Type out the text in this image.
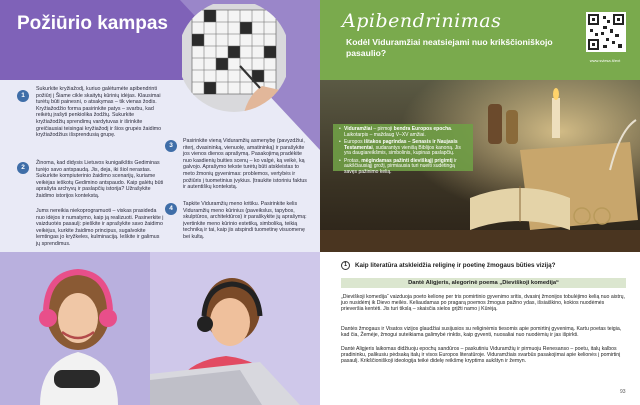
Požiūrio kampas
1
Sukurkite kryžiažodį, kuriuo galėtumėte apibendrinti požiūrį į Šiame cikle skaitytų kūrinių idėjas. Klausimai turėtų būti painesni, o atsakymas – tik vienas žodis. Kryžiažodžio forma pasirinkite patys – svarbu, kad reikėtų įrašyti penkiolika žodžių. Sukurkite kryžiažodžių sprendimų vardytuvas ir išrinkite greičiausiai teisingai kryžiažodį ir šios grupės žaidimo kryžiažodžius išsprendusią grupę.
2
Žinoma, kad didysis Lietuvos kunigaikštis Gediminas turėjo savo antspaudą. Jis, deja, iki šiol nerastas. Sukurkite kompiuterinio žaidimo scenarijų, kuriame veikėjas ieškotų Gedimino antspaudo. Kaip galėtų būti aprašyta archyvų ir paslapčių istorija? Užrašykite žaidimo istorijos kontekstą.
Jums nereikia niekoprogramuoti – viskas prasideda nuo idėjos ir numatymo, kaip ją realizuoti. Pasinerkite į vaizduotės pasaulį: pieškite ir aprašykite savo žaidimo veikėjus, kurkite žaidimo principus, sugalvokite lemtingas jo kryžkeles, kulminaciją. Ieškite ir galimus jų sprendimus.
3
Pasirinkite vieną Viduramžių asmenybę (pavyzdžiui, riterį, dvasininką, vienuolę, amatininką) ir parašykite jos vienos dienos aprašymą. Pasakojimą pradėkite nuo kasdienių buities scenų – ko valgė, ką veikė, ką galvojo. Aprašymo tekste turėtų būti atskleistas to meto žmonių gyvenimas: problemos, vertybės ir požiūris į tuometinius įvykius. Įtraukite istoriniu faktus ir autentiškų kontekstą.
4
Tapkite Viduramžių meno kritiku. Pasirinkite kelis Viduramžių meno kūrinius (paveikslus, tapybos, skulptūros, architektūros) ir paraškykite jų aprašymą: įvertinkite meno kūrinio estetiką, simboliką, teikią techniką ir tai, kaip jis atspindi tuometinę visuomenę bei kultą.
Apibendrinimas
Kodėl Viduramžiai neatsiejami nuo krikščioniškojo pasaulio?
www.sviesa.lt/ext
• Viduramžiai – pirmoji bendra Europos epocha. Laikotarpis – maždaug V–XV amžiai.
• Europos ištakos pagrindas – Senasis ir Naujasis Testamentai, sudarantys vienišą Biblijos kanoną. Jis yra daugiareikšmis, simbolinis, kupinas paslapčių.
• Protas, mėgindamas pažinti dieviškąjį prigimtį ir aukščiausiąjį grožį, pirmiausia turi nueiti sudėtingą savęs pažinimo kelią.
1	Kaip literatūra atskleidžia religinę ir poetinę žmogaus būties viziją?
Dantė Aligjeris, alegorinė poema „Dieviškoji komedija“
„Dieviškoji komedija“ vaizduoja poeto kelionę per tris pomirtinio gyvenimo sritis, dvasinį žmonijos tobulėjimo kelią nuo aistrų, juo nusidėmį ik Dievo meilės. Keliaudamas po pragarą poemos žmogus pažino ydas, išsiaiškino, kokios nuodėmės prieveršia kentėti. Jis turi tikslą – skaisčia sielos grįžti namo į Kūrėją.
Dantės žmogaus ir Visatos vizijos glaudžiai susijusios su religinėmis tiesomis apie pomirtinį gyvenimą. Kartu poetas teigia, kad čia, Žemėje, žmogui suteikiama galimybė rinktis, kaip gyventi, nuosaliai nuo nuodėmių ir jas išpirkti.
Dantė Aligjeris laikomas didžiuoju epochų sandūros – paskutiniu Viduramžių ir pirmuoju Renesanso – poetu, italų kalbos pradininku, palikusiu pėdsaką italų ir visos Europos literatūroje. Viduramžiais svarbūs pasakojimai apie kelionės į pomirtinį pasaulį. Krikščioniškoji ideologija teikė didelę reikšmę kryptims aukštyn ir žemyn.
93
